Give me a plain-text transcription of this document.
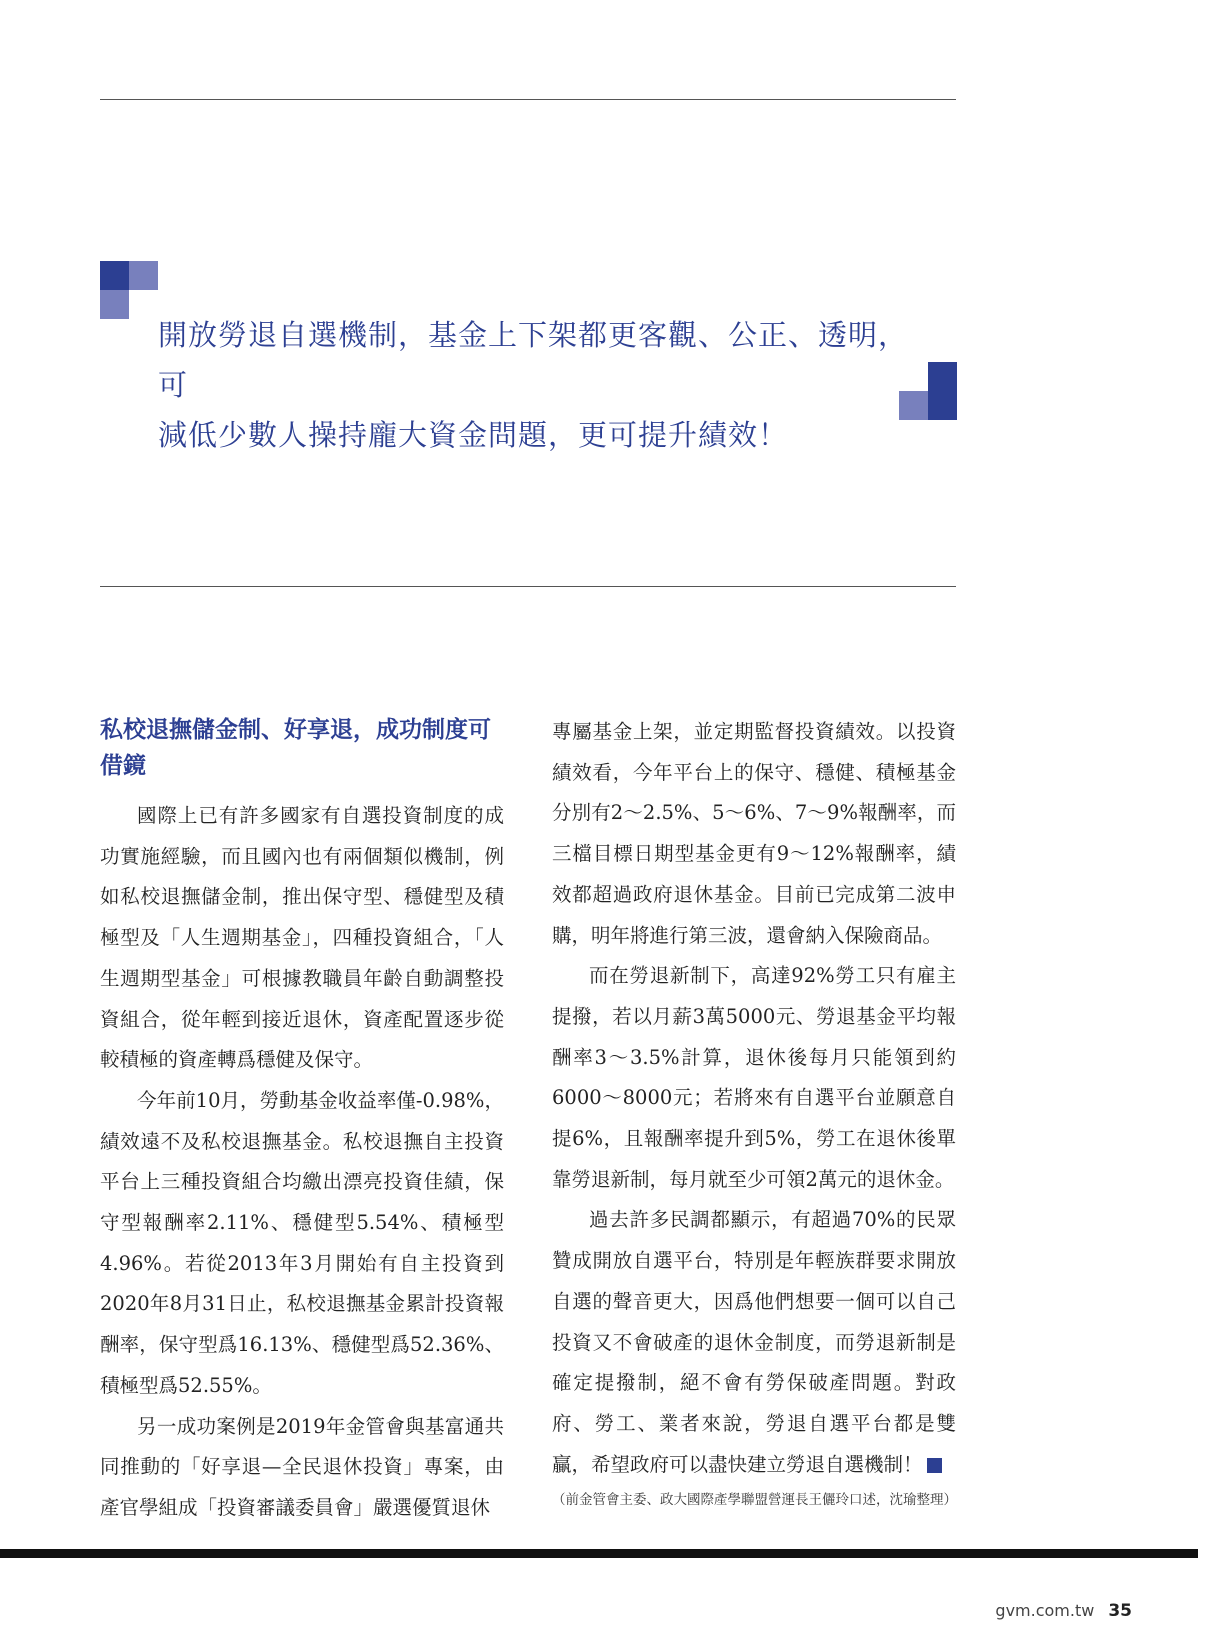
開放勞退自選機制，基金上下架都更客觀、公正、透明，可
減低少數人操持龐大資金問題，更可提升績效！
私校退撫儲金制、好享退，成功制度可借鏡

國際上已有許多國家有自選投資制度的成功實施經驗，而且國內也有兩個類似機制，例如私校退撫儲金制，推出保守型、穩健型及積極型及「人生週期基金」，四種投資組合，「人生週期型基金」可根據教職員年齡自動調整投資組合，從年輕到接近退休，資產配置逐步從較積極的資產轉爲穩健及保守。

今年前10月，勞動基金收益率僅-0.98%，績效遠不及私校退撫基金。私校退撫自主投資平台上三種投資組合均繳出漂亮投資佳績，保守型報酬率2.11%、穩健型5.54%、積極型4.96%。若從2013年3月開始有自主投資到2020年8月31日止，私校退撫基金累計投資報酬率，保守型爲16.13%、穩健型爲52.36%、積極型爲52.55%。

另一成功案例是2019年金管會與基富通共同推動的「好享退—全民退休投資」專案，由產官學組成「投資審議委員會」嚴選優質退休

專屬基金上架，並定期監督投資績效。以投資績效看，今年平台上的保守、穩健、積極基金分別有2～2.5%、5～6%、7～9%報酬率，而三檔目標日期型基金更有9～12%報酬率，績效都超過政府退休基金。目前已完成第二波申購，明年將進行第三波，還會納入保險商品。

而在勞退新制下，高達92%勞工只有雇主提撥，若以月薪3萬5000元、勞退基金平均報酬率3～3.5%計算，退休後每月只能領到約6000～8000元；若將來有自選平台並願意自提6%，且報酬率提升到5%，勞工在退休後單靠勞退新制，每月就至少可領2萬元的退休金。

過去許多民調都顯示，有超過70%的民眾贊成開放自選平台，特別是年輕族群要求開放自選的聲音更大，因爲他們想要一個可以自己投資又不會破產的退休金制度，而勞退新制是確定提撥制，絕不會有勞保破產問題。對政府、勞工、業者來說，勞退自選平台都是雙贏，希望政府可以盡快建立勞退自選機制！	G

（前金管會主委、政大國際產學聯盟營運長王儷玲口述，沈瑜整理）
gvm.com.tw 35
